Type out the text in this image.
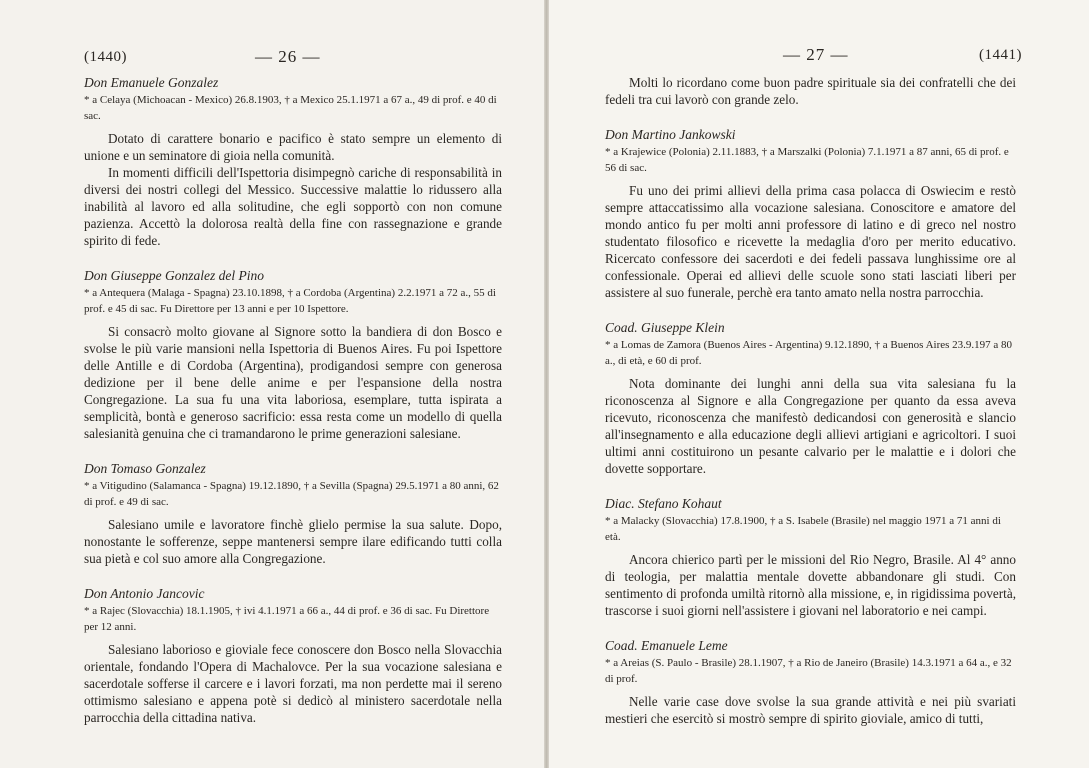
(1440)	— 26 —	— 27 —	(1441)
Don Emanuele Gonzalez
* a Celaya (Michoacan - Mexico) 26.8.1903, † a Mexico 25.1.1971 a 67 a., 49 di prof. e 40 di sac.

Dotato di carattere bonario e pacifico è stato sempre un elemento di unione e un seminatore di gioia nella comunità.

In momenti difficili dell'Ispettoria disimpegnò cariche di responsabilità in diversi dei nostri collegi del Messico. Successive malattie lo ridussero alla inabilità al lavoro ed alla solitudine, che egli sopportò con non comune pazienza. Accettò la dolorosa realtà della fine con rassegnazione e grande spirito di fede.

Don Giuseppe Gonzalez del Pino
* a Antequera (Malaga - Spagna) 23.10.1898, † a Cordoba (Argentina) 2.2.1971 a 72 a., 55 di prof. e 45 di sac. Fu Direttore per 13 anni e per 10 Ispettore.

Si consacrò molto giovane al Signore sotto la bandiera di don Bosco e svolse le più varie mansioni nella Ispettoria di Buenos Aires. Fu poi Ispettore delle Antille e di Cordoba (Argentina), prodigandosi sempre con generosa dedizione per il bene delle anime e per l'espansione della nostra Congregazione. La sua fu una vita laboriosa, esemplare, tutta ispirata a semplicità, bontà e generoso sacrificio: essa resta come un modello di quella salesianità genuina che ci tramandarono le prime generazioni salesiane.

Don Tomaso Gonzalez
* a Vitigudino (Salamanca - Spagna) 19.12.1890, † a Sevilla (Spagna) 29.5.1971 a 80 anni, 62 di prof. e 49 di sac.

Salesiano umile e lavoratore finchè glielo permise la sua salute. Dopo, nonostante le sofferenze, seppe mantenersi sempre ilare edificando tutti colla sua pietà e col suo amore alla Congregazione.

Don Antonio Jancovic
* a Rajec (Slovacchia) 18.1.1905, † ivi 4.1.1971 a 66 a., 44 di prof. e 36 di sac. Fu Direttore per 12 anni.

Salesiano laborioso e gioviale fece conoscere don Bosco nella Slovacchia orientale, fondando l'Opera di Machalovce. Per la sua vocazione salesiana e sacerdotale sofferse il carcere e i lavori forzati, ma non perdette mai il sereno ottimismo salesiano e appena potè si dedicò al ministero sacerdotale nella parrocchia della cittadina nativa.

Molti lo ricordano come buon padre spirituale sia dei confratelli che dei fedeli tra cui lavorò con grande zelo.

Don Martino Jankowski
* a Krajewice (Polonia) 2.11.1883, † a Marszalki (Polonia) 7.1.1971 a 87 anni, 65 di prof. e 56 di sac.

Fu uno dei primi allievi della prima casa polacca di Oswiecim e restò sempre attaccatissimo alla vocazione salesiana. Conoscitore e amatore del mondo antico fu per molti anni professore di latino e di greco nel nostro studentato filosofico e ricevette la medaglia d'oro per merito educativo. Ricercato confessore dei sacerdoti e dei fedeli passava lunghissime ore al confessionale. Operai ed allievi delle scuole sono stati lasciati liberi per assistere al suo funerale, perchè era tanto amato nella nostra parrocchia.

Coad. Giuseppe Klein
* a Lomas de Zamora (Buenos Aires - Argentina) 9.12.1890, † a Buenos Aires 23.9.197 a 80 a., di età, e 60 di prof.

Nota dominante dei lunghi anni della sua vita salesiana fu la riconoscenza al Signore e alla Congregazione per quanto da essa aveva ricevuto, riconoscenza che manifestò dedicandosi con generosità e slancio all'insegnamento e alla educazione degli allievi artigiani e agricoltori. I suoi ultimi anni costituirono un pesante calvario per le malattie e i dolori che dovette sopportare.

Diac. Stefano Kohaut
* a Malacky (Slovacchia) 17.8.1900, † a S. Isabele (Brasile) nel maggio 1971 a 71 anni di età.

Ancora chierico partì per le missioni del Rio Negro, Brasile. Al 4° anno di teologia, per malattia mentale dovette abbandonare gli studi. Con sentimento di profonda umiltà ritornò alla missione, e, in rigidissima povertà, trascorse i suoi giorni nell'assistere i giovani nel laboratorio e nei campi.

Coad. Emanuele Leme
* a Areias (S. Paulo - Brasile) 28.1.1907, † a Rio de Janeiro (Brasile) 14.3.1971 a 64 a., e 32 di prof.

Nelle varie case dove svolse la sua grande attività e nei più svariati mestieri che esercitò si mostrò sempre di spirito gioviale, amico di tutti,
